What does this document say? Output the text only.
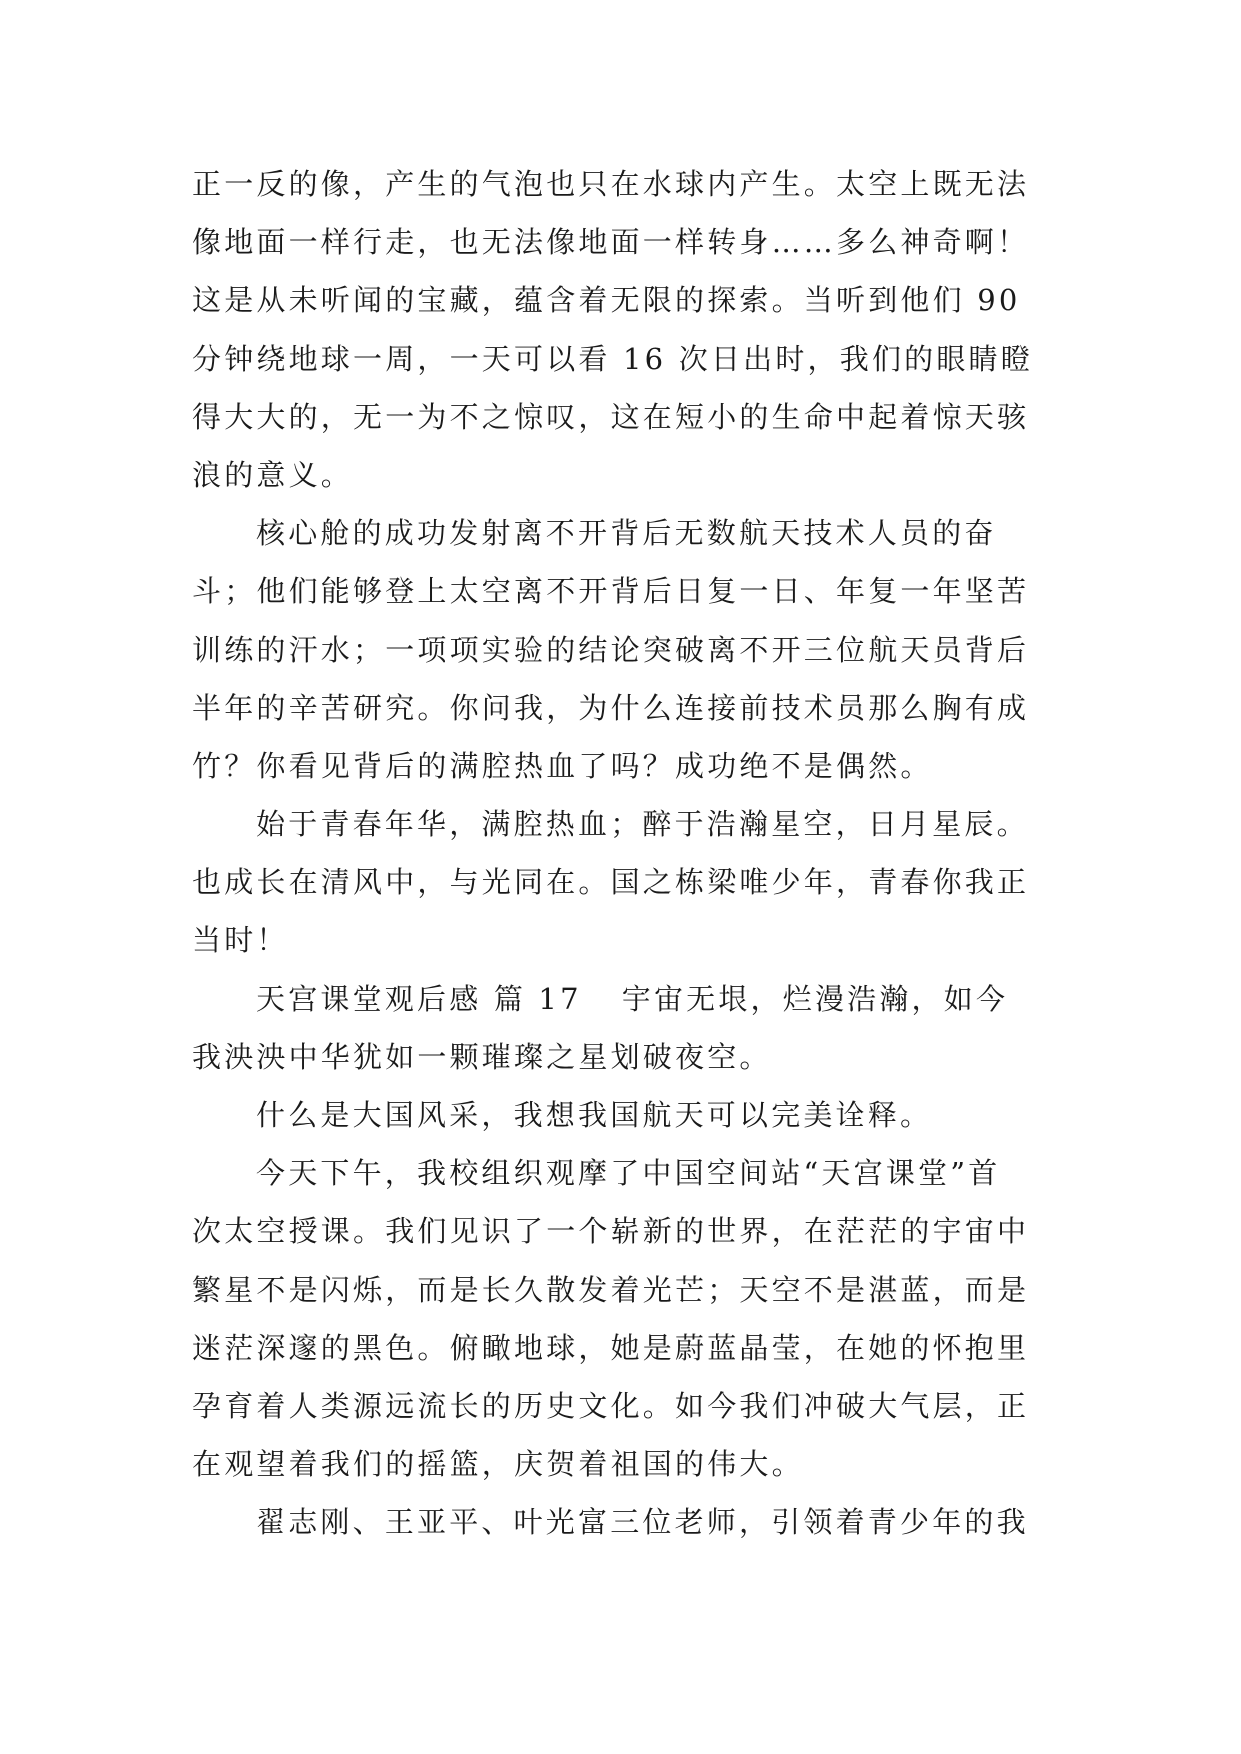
正一反的像，产生的气泡也只在水球内产生。太空上既无法
像地面一样行走，也无法像地面一样转身……多么神奇啊！
这是从未听闻的宝藏，蕴含着无限的探索。当听到他们 90
分钟绕地球一周，一天可以看 16 次日出时，我们的眼睛瞪
得大大的，无一为不之惊叹，这在短小的生命中起着惊天骇
浪的意义。
核心舱的成功发射离不开背后无数航天技术人员的奋
斗；他们能够登上太空离不开背后日复一日、年复一年坚苦
训练的汗水；一项项实验的结论突破离不开三位航天员背后
半年的辛苦研究。你问我，为什么连接前技术员那么胸有成
竹？你看见背后的满腔热血了吗？成功绝不是偶然。
始于青春年华，满腔热血；醉于浩瀚星空，日月星辰。
也成长在清风中，与光同在。国之栋梁唯少年，青春你我正
当时！
天宫课堂观后感 篇 17 宇宙无垠，烂漫浩瀚，如今
我泱泱中华犹如一颗璀璨之星划破夜空。
什么是大国风采，我想我国航天可以完美诠释。
今天下午，我校组织观摩了中国空间站“天宫课堂”首
次太空授课。我们见识了一个崭新的世界，在茫茫的宇宙中
繁星不是闪烁，而是长久散发着光芒；天空不是湛蓝，而是
迷茫深邃的黑色。俯瞰地球，她是蔚蓝晶莹，在她的怀抱里
孕育着人类源远流长的历史文化。如今我们冲破大气层，正
在观望着我们的摇篮，庆贺着祖国的伟大。
翟志刚、王亚平、叶光富三位老师，引领着青少年的我
